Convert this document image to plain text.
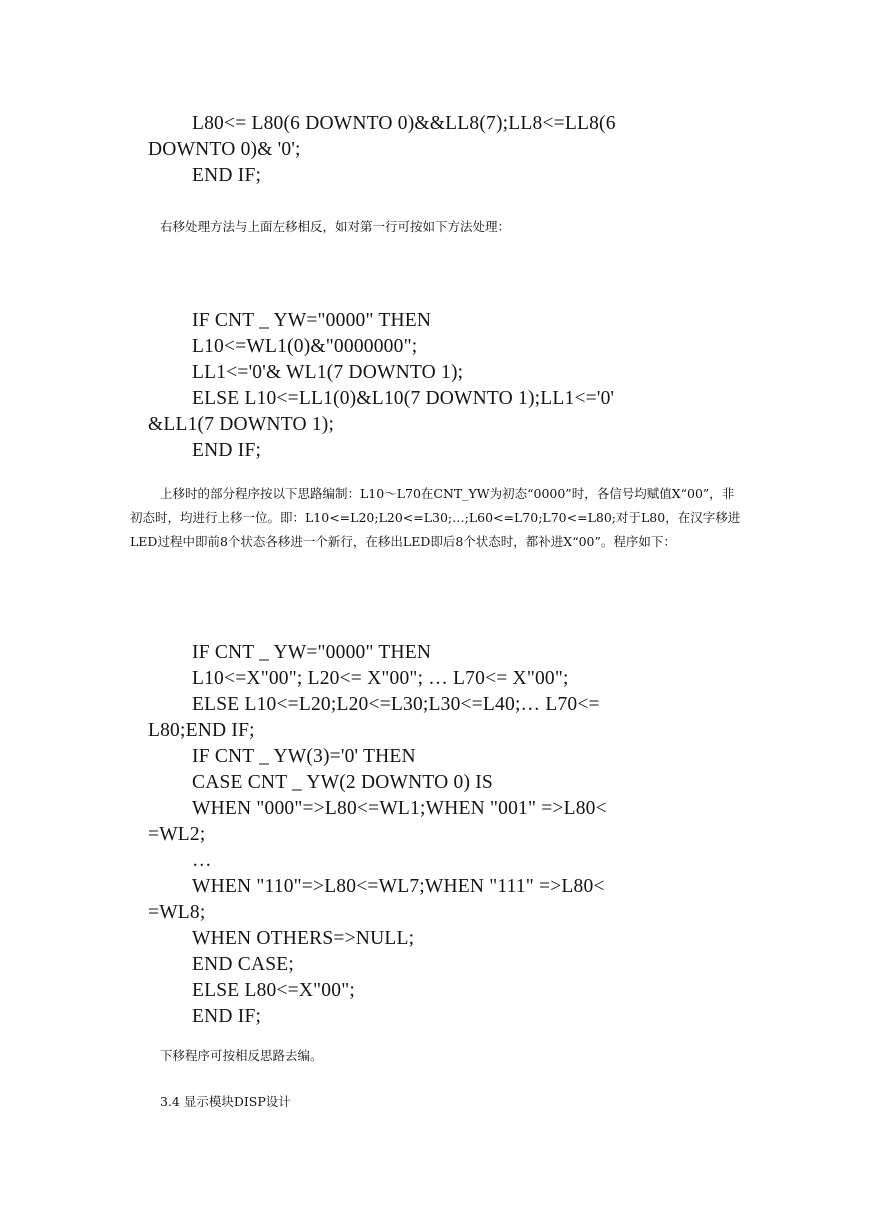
L80<= L80(6 DOWNTO 0)&&LL8(7);LL8<=LL8(6
DOWNTO 0)& '0';
END IF;
右移处理方法与上面左移相反，如对第一行可按如下方法处理：
IF CNT _ YW="0000" THEN
L10<=WL1(0)&"0000000";
LL1<='0'& WL1(7 DOWNTO 1);
ELSE L10<=LL1(0)&L10(7 DOWNTO 1);LL1<='0'
&LL1(7 DOWNTO 1);
END IF;
上移时的部分程序按以下思路编制：L10～L70在CNT_YW为初态“0000”时，各信号均赋值X“00”，非初态时，均进行上移一位。即：L10<=L20;L20<=L30;…;L60<=L70;L70<=L80;对于L80，在汉字移进LED过程中即前8个状态各移进一个新行，在移出LED即后8个状态时，都补进X“00”。程序如下：
IF CNT _ YW="0000" THEN
L10<=X"00"; L20<= X"00"; … L70<= X"00";
ELSE L10<=L20;L20<=L30;L30<=L40;… L70<=
L80;END IF;
IF CNT _ YW(3)='0' THEN
CASE CNT _ YW(2 DOWNTO 0) IS
WHEN "000"=>L80<=WL1;WHEN "001" =>L80<
=WL2;
…
WHEN "110"=>L80<=WL7;WHEN "111" =>L80<
=WL8;
WHEN OTHERS=>NULL;
END CASE;
ELSE L80<=X"00";
END IF;
下移程序可按相反思路去编。
3.4 显示模块DISP设计
